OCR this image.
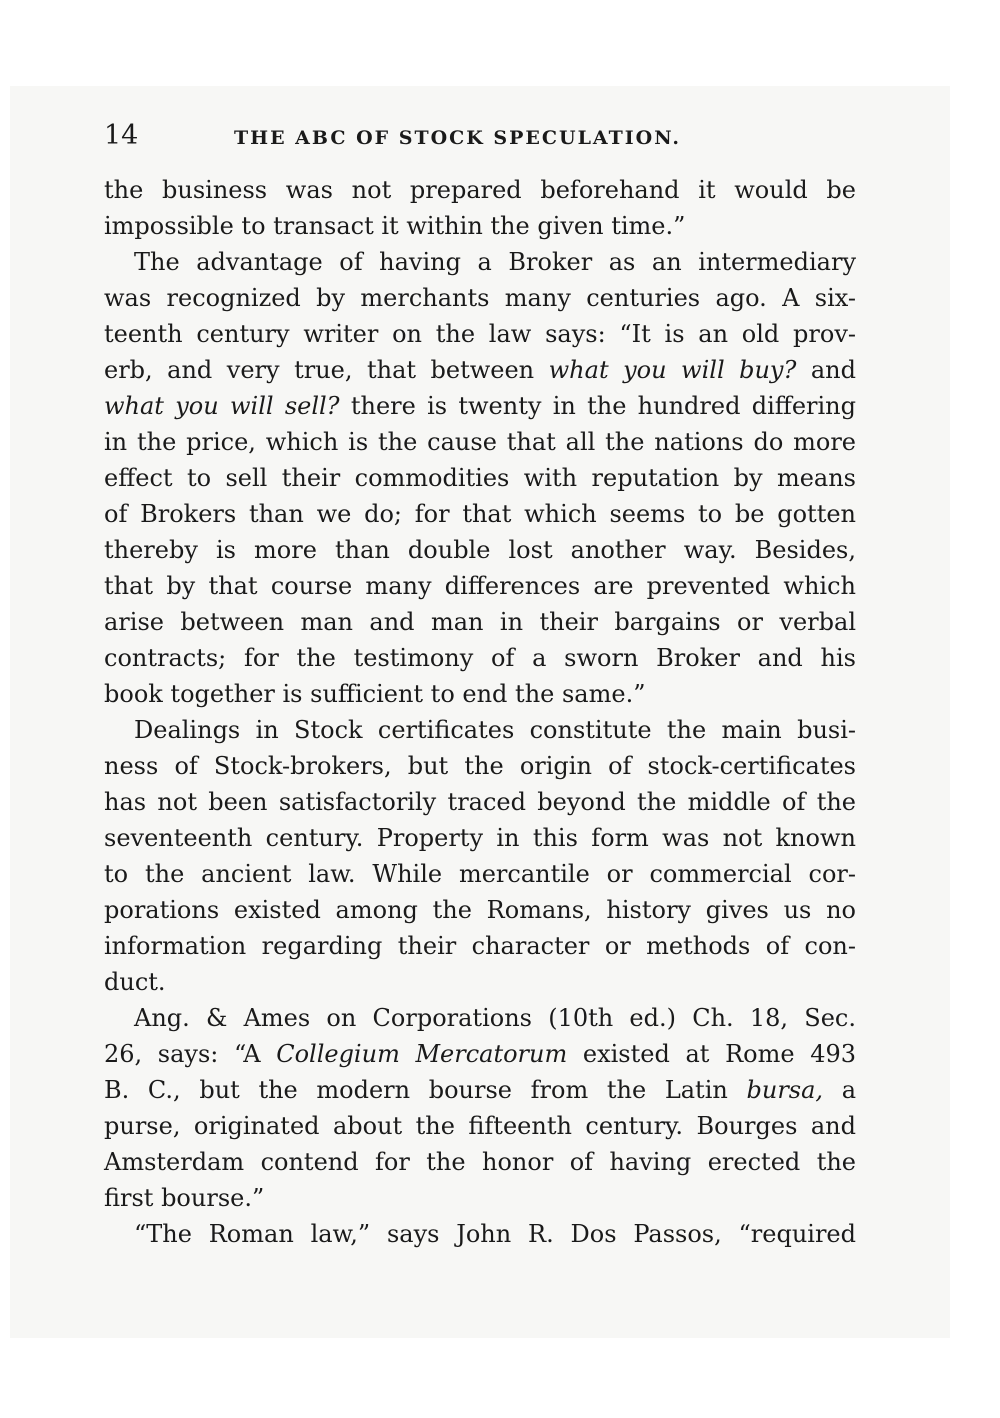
14	THE ABC OF STOCK SPECULATION.
the business was not prepared beforehand it would be
impossible to transact it within the given time.”
The advantage of having a Broker as an intermediary
was recognized by merchants many centuries ago. A six-
teenth century writer on the law says: “It is an old prov-
erb, and very true, that between what you will buy? and
what you will sell? there is twenty in the hundred differing
in the price, which is the cause that all the nations do more
effect to sell their commodities with reputation by means
of Brokers than we do; for that which seems to be gotten
thereby is more than double lost another way. Besides,
that by that course many differences are prevented which
arise between man and man in their bargains or verbal
contracts; for the testimony of a sworn Broker and his
book together is sufficient to end the same.”
Dealings in Stock certificates constitute the main busi-
ness of Stock-brokers, but the origin of stock-certificates
has not been satisfactorily traced beyond the middle of the
seventeenth century. Property in this form was not known
to the ancient law. While mercantile or commercial cor-
porations existed among the Romans, history gives us no
information regarding their character or methods of con-
duct.
Ang. & Ames on Corporations (10th ed.) Ch. 18, Sec.
26, says: “A Collegium Mercatorum existed at Rome 493
B. C., but the modern bourse from the Latin bursa, a
purse, originated about the fifteenth century. Bourges and
Amsterdam contend for the honor of having erected the
first bourse.”
“The Roman law,” says John R. Dos Passos, “required
